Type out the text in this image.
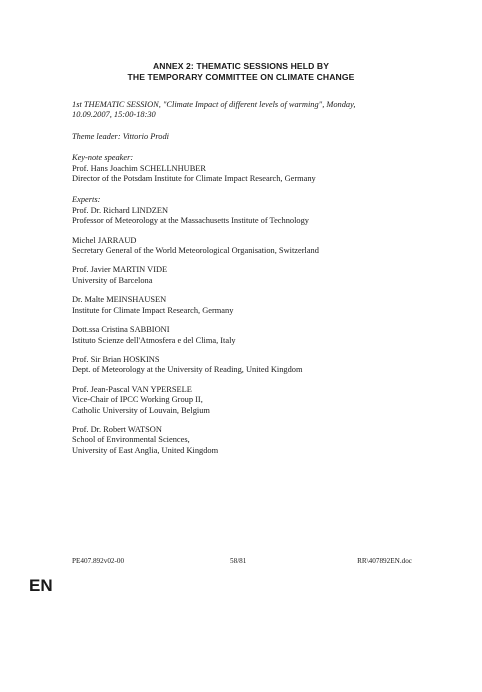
ANNEX 2: THEMATIC SESSIONS HELD BY
THE TEMPORARY COMMITTEE ON CLIMATE CHANGE
1st THEMATIC SESSION, "Climate Impact of different levels of warming", Monday,
10.09.2007, 15:00-18:30
Theme leader: Vittorio Prodi
Key-note speaker:
Prof. Hans Joachim SCHELLNHUBER
Director of the Potsdam Institute for Climate Impact Research, Germany
Experts:
Prof. Dr. Richard LINDZEN
Professor of Meteorology at the Massachusetts Institute of Technology
Michel JARRAUD
Secretary General of the World Meteorological Organisation, Switzerland
Prof. Javier MARTIN VIDE
University of Barcelona
Dr. Malte MEINSHAUSEN
Institute for Climate Impact Research, Germany
Dott.ssa Cristina SABBIONI
Istituto Scienze dell'Atmosfera e del Clima, Italy
Prof. Sir Brian HOSKINS
Dept. of Meteorology at the University of Reading, United Kingdom
Prof. Jean-Pascal VAN YPERSELE
Vice-Chair of IPCC Working Group II,
Catholic University of Louvain, Belgium
Prof. Dr. Robert WATSON
School of Environmental Sciences,
University of East Anglia, United Kingdom
PE407.892v02-00	58/81	RR\407892EN.doc
EN
